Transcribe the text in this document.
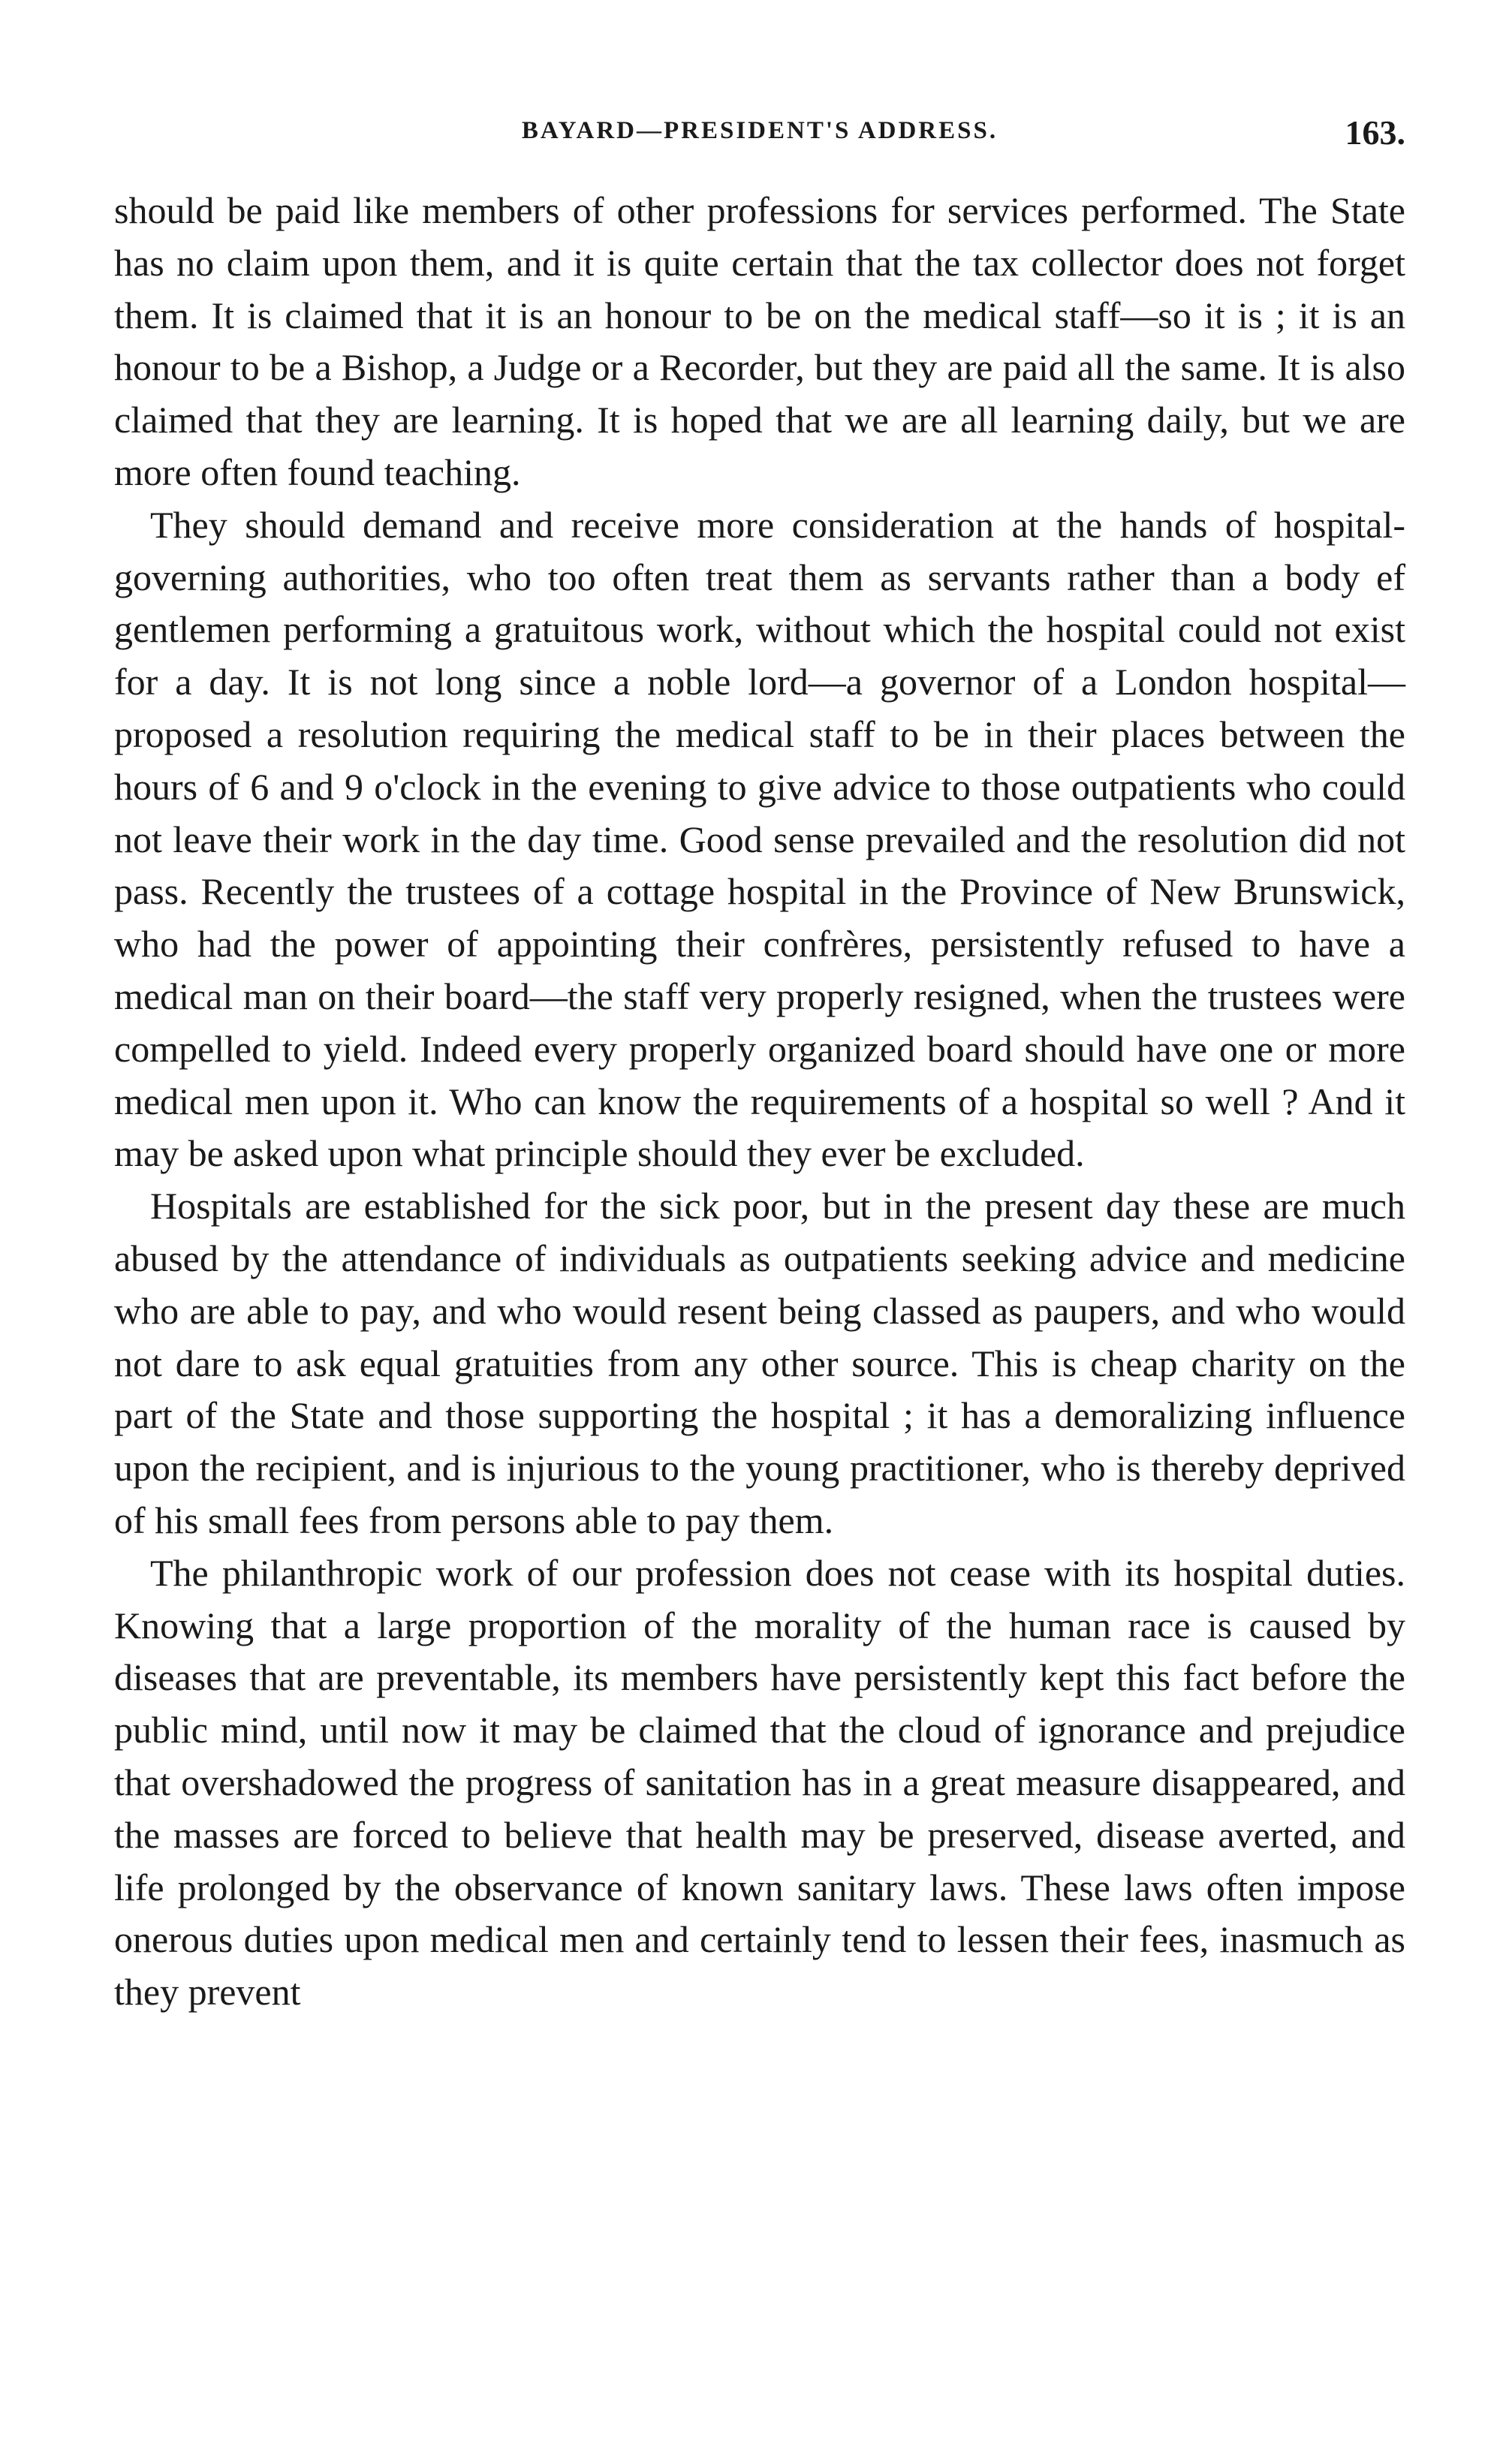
BAYARD—PRESIDENT'S ADDRESS.	163.

should be paid like members of other professions for services performed. The State has no claim upon them, and it is quite certain that the tax collector does not forget them. It is claimed that it is an honour to be on the medical staff—so it is ; it is an honour to be a Bishop, a Judge or a Recorder, but they are paid all the same. It is also claimed that they are learning. It is hoped that we are all learning daily, but we are more often found teaching.

They should demand and receive more consideration at the hands of hospital-governing authorities, who too often treat them as servants rather than a body ef gentlemen performing a gratuitous work, without which the hospital could not exist for a day. It is not long since a noble lord—a governor of a London hospital—proposed a resolution requiring the medical staff to be in their places between the hours of 6 and 9 o'clock in the evening to give advice to those outpatients who could not leave their work in the day time. Good sense prevailed and the resolution did not pass. Recently the trustees of a cottage hospital in the Province of New Brunswick, who had the power of appointing their confrères, persistently refused to have a medical man on their board—the staff very properly resigned, when the trustees were compelled to yield. Indeed every properly organized board should have one or more medical men upon it. Who can know the requirements of a hospital so well ? And it may be asked upon what principle should they ever be excluded.

Hospitals are established for the sick poor, but in the present day these are much abused by the attendance of individuals as outpatients seeking advice and medicine who are able to pay, and who would resent being classed as paupers, and who would not dare to ask equal gratuities from any other source. This is cheap charity on the part of the State and those supporting the hospital ; it has a demoralizing influence upon the recipient, and is injurious to the young practitioner, who is thereby deprived of his small fees from persons able to pay them.

The philanthropic work of our profession does not cease with its hospital duties. Knowing that a large proportion of the morality of the human race is caused by diseases that are preventable, its members have persistently kept this fact before the public mind, until now it may be claimed that the cloud of ignorance and prejudice that overshadowed the progress of sanitation has in a great measure disappeared, and the masses are forced to believe that health may be preserved, disease averted, and life prolonged by the observance of known sanitary laws. These laws often impose onerous duties upon medical men and certainly tend to lessen their fees, inasmuch as they prevent
